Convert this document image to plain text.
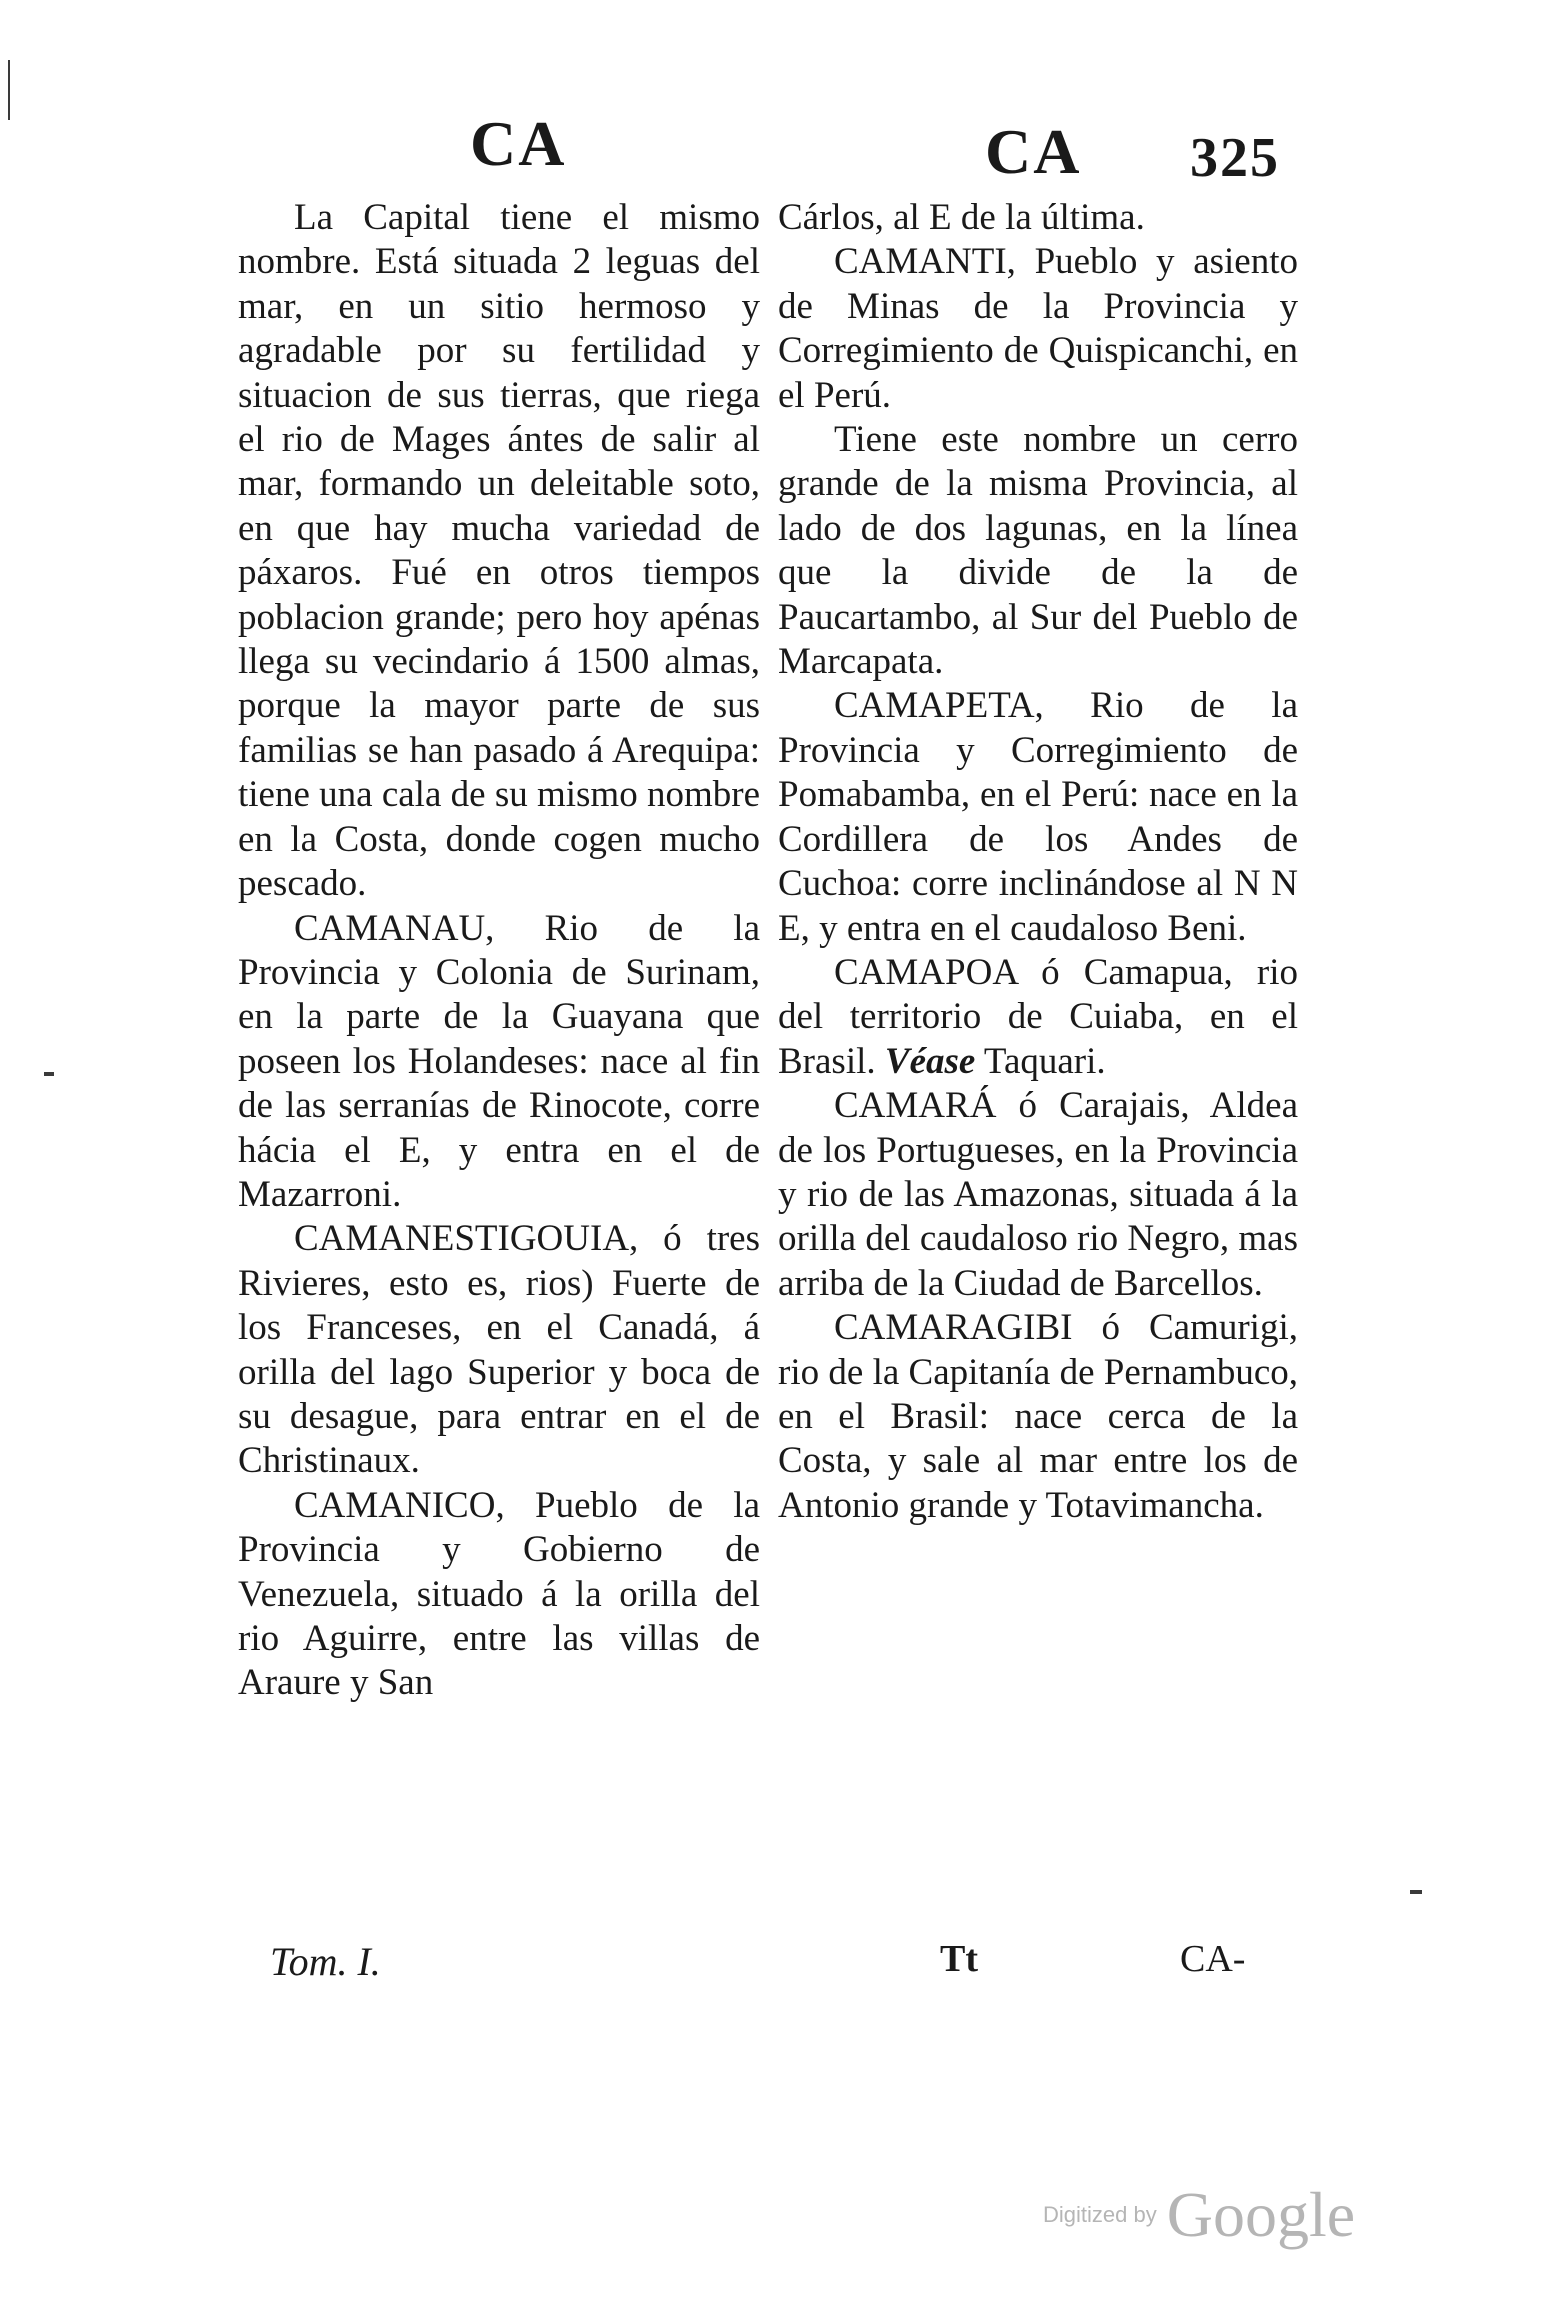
CA	CA 325

La Capital tiene el mismo nombre. Está situada 2 leguas del mar, en un sitio hermoso y agradable por su fertilidad y situacion de sus tierras, que riega el rio de Mages ántes de salir al mar, formando un deleitable soto, en que hay mucha variedad de páxaros. Fué en otros tiempos poblacion grande; pero hoy apénas llega su vecindario á 1500 almas, porque la mayor parte de sus familias se han pasado á Arequipa: tiene una cala de su mismo nombre en la Costa, donde cogen mucho pescado.

CAMANAU, Rio de la Provincia y Colonia de Surinam, en la parte de la Guayana que poseen los Holandeses: nace al fin de las serranías de Rinocote, corre hácia el E, y entra en el de Mazarroni.

CAMANESTIGOUIA, ó tres Rivieres, esto es, rios) Fuerte de los Franceses, en el Canadá, á orilla del lago Superior y boca de su desague, para entrar en el de Christinaux.

CAMANICO, Pueblo de la Provincia y Gobierno de Venezuela, situado á la orilla del rio Aguirre, entre las villas de Araure y San

Tom. I.

Cárlos, al E de la última.

CAMANTI, Pueblo y asiento de Minas de la Provincia y Corregimiento de Quispicanchi, en el Perú.

Tiene este nombre un cerro grande de la misma Provincia, al lado de dos lagunas, en la línea que la divide de la de Paucartambo, al Sur del Pueblo de Marcapata.

CAMAPETA, Rio de la Provincia y Corregimiento de Pomabamba, en el Perú: nace en la Cordillera de los Andes de Cuchoa: corre inclinándose al N N E, y entra en el caudaloso Beni.

CAMAPOA ó Camapua, rio del territorio de Cuiaba, en el Brasil. Véase Taquari.

CAMARÁ ó Carajais, Aldea de los Portugueses, en la Provincia y rio de las Amazonas, situada á la orilla del caudaloso rio Negro, mas arriba de la Ciudad de Barcellos.

CAMARAGIBI ó Camurigi, rio de la Capitanía de Pernambuco, en el Brasil: nace cerca de la Costa, y sale al mar entre los de Antonio grande y Totavimancha.

Tt	CA-
Digitized by Google
